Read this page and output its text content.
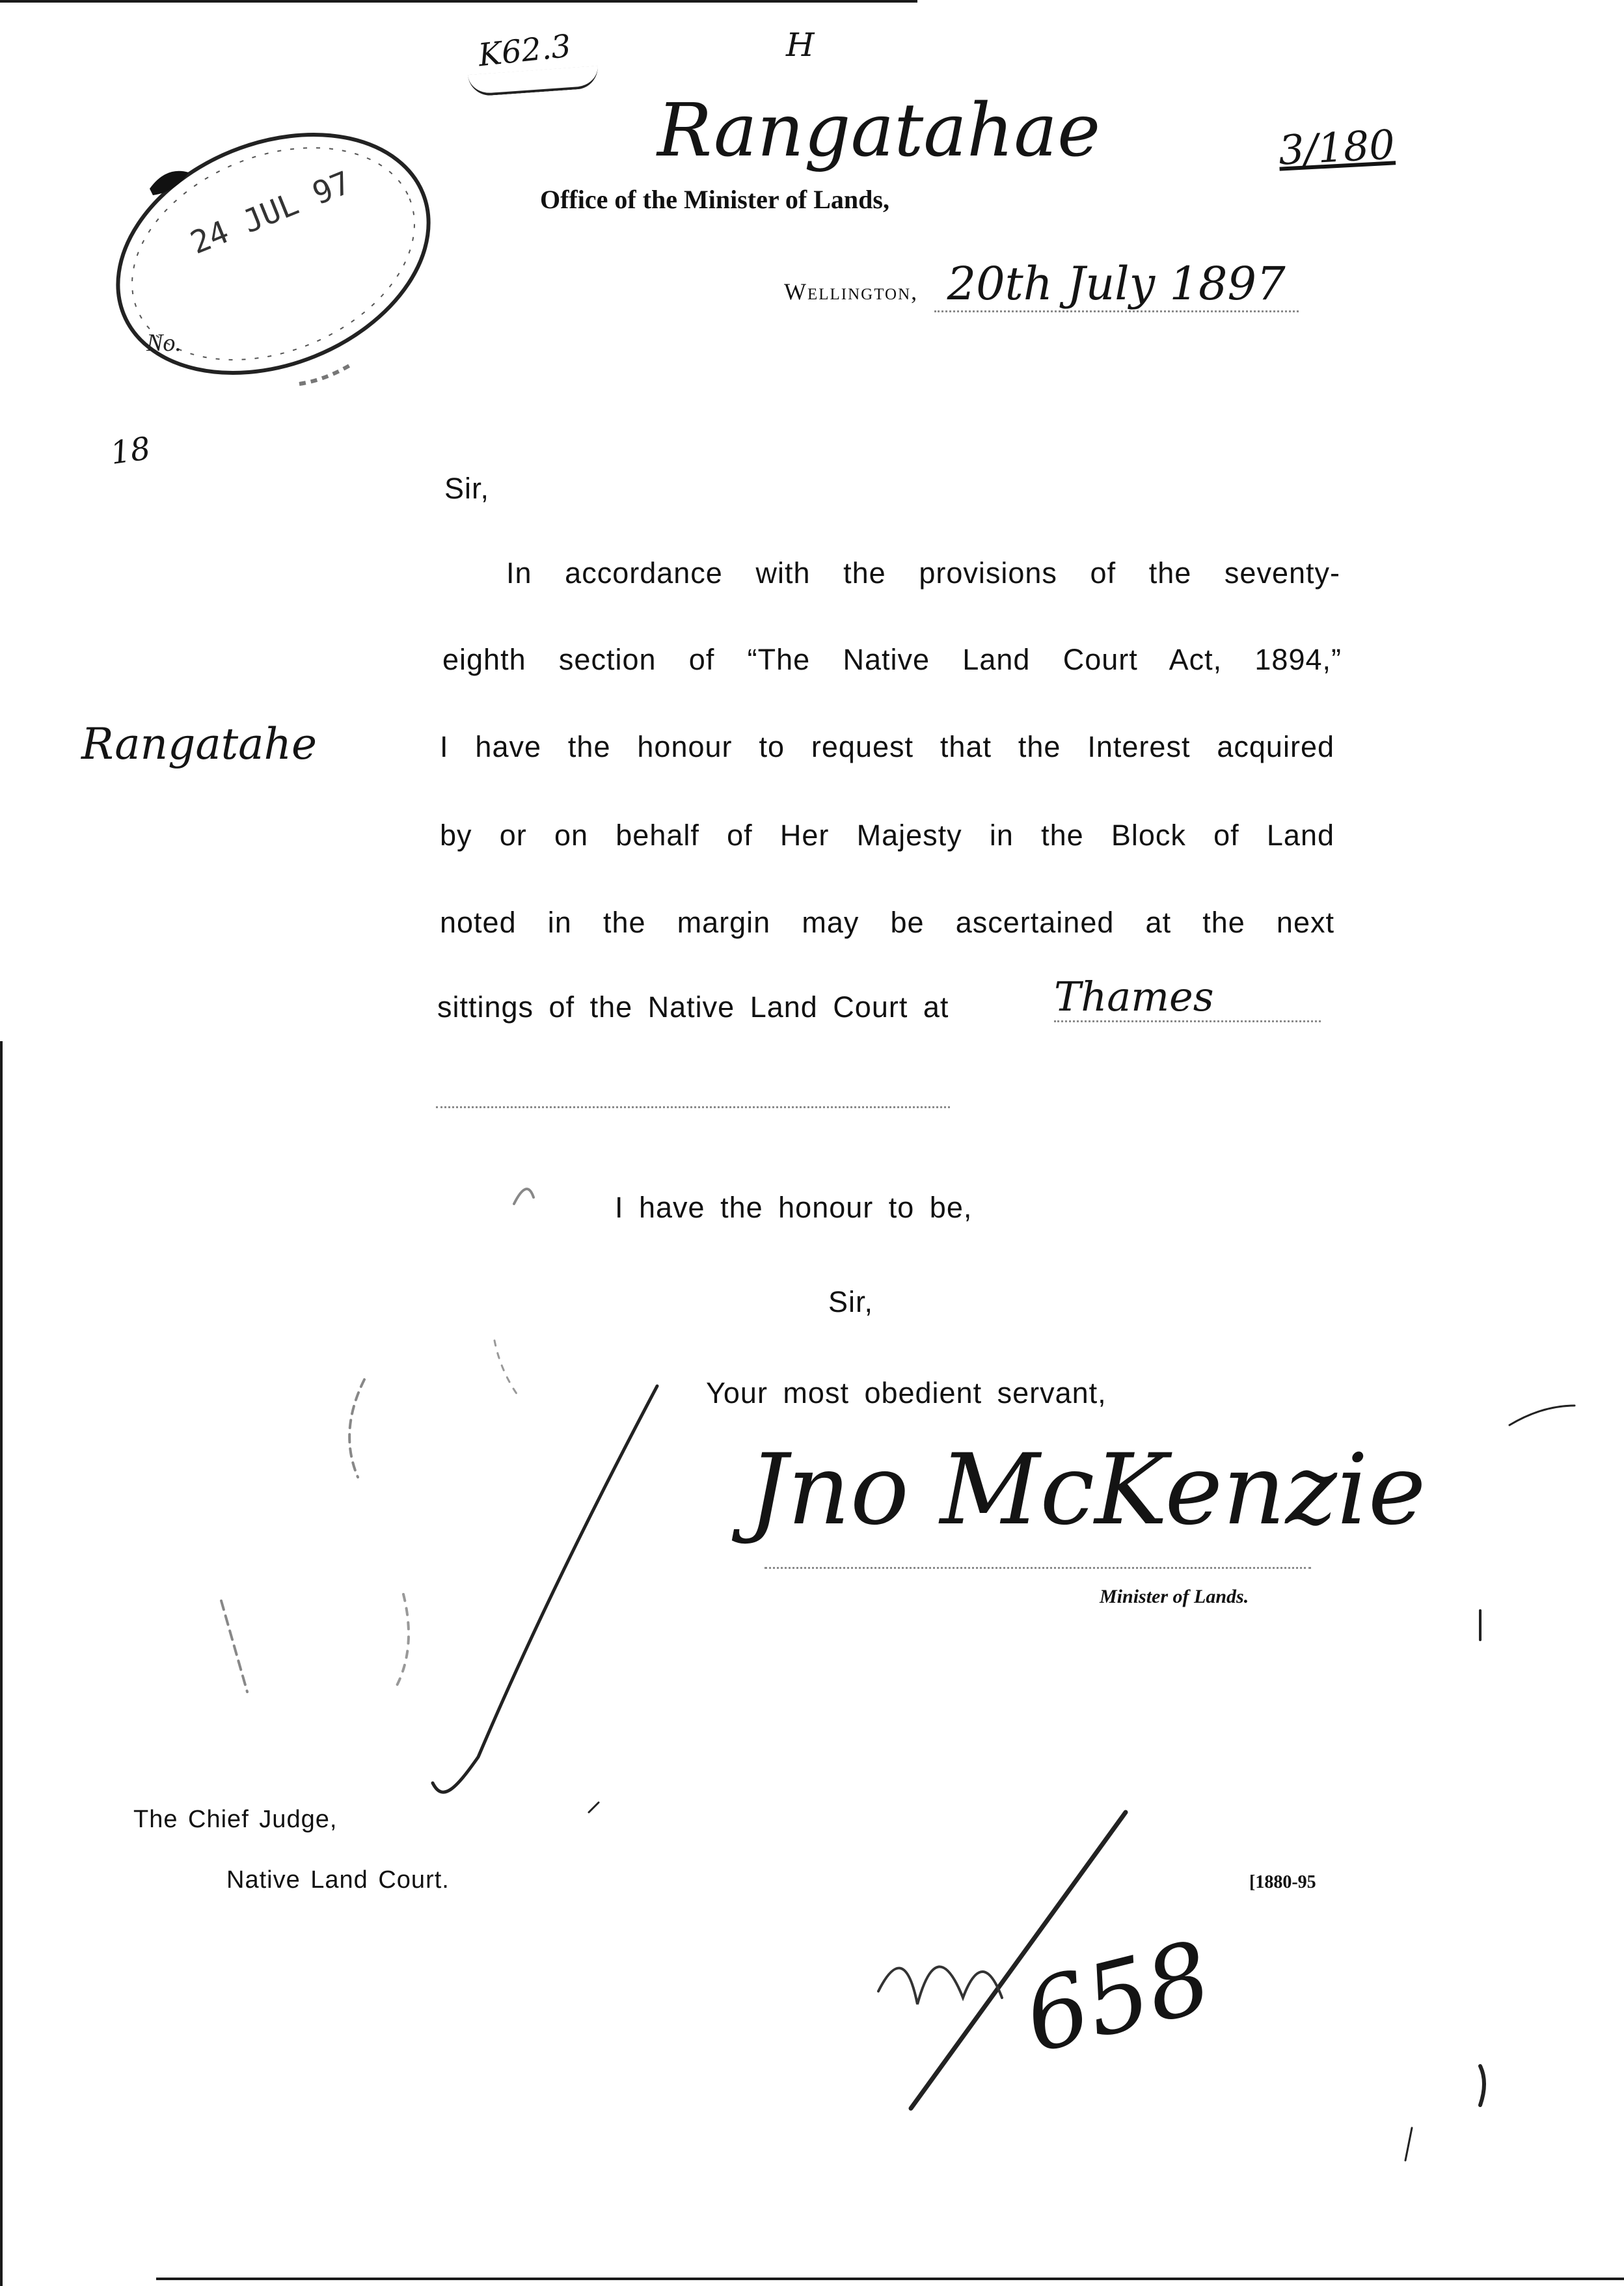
24 JUL 97
No.
K62.3	H
Rangatahae	3/180
Office of the Minister of Lands,
Wellington, 20th July 1897
18
Rangatahe
Sir,
In accordance with the provisions of the seventy-
eighth section of “The Native Land Court Act, 1894,”
I have the honour to request that the Interest acquired
by or on behalf of Her Majesty in the Block of Land
noted in the margin may be ascertained at the next
sittings of the Native Land Court at	Thames
I have the honour to be,
Sir,
Your most obedient servant,
Jno McKenzie
Minister of Lands.
The Chief Judge,
Native Land Court.	[1880-95
658
